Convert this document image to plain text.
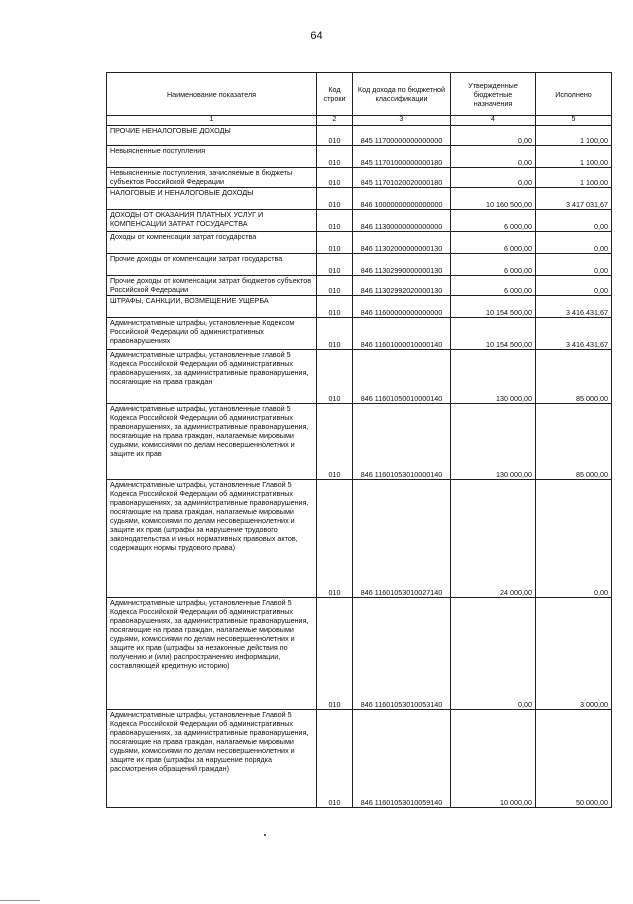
64
Наименование показателя	Код строки	Код дохода по бюджетной классификации	Утвержденные бюджетные назначения	Исполнено
1	2	3	4	5
ПРОЧИЕ НЕНАЛОГОВЫЕ ДОХОДЫ	010	845 11700000000000000	0,00	1 100,00
Невыясненные поступления	010	845 11701000000000180	0,00	1 100,00
Невыясненные поступления, зачисляемые в бюджеты субъектов Российской Федерации	010	845 11701020020000180	0,00	1 100,00
НАЛОГОВЫЕ И НЕНАЛОГОВЫЕ ДОХОДЫ	010	846 10000000000000000	10 160 500,00	3 417 031,67
ДОХОДЫ ОТ ОКАЗАНИЯ ПЛАТНЫХ УСЛУГ И КОМПЕНСАЦИИ ЗАТРАТ ГОСУДАРСТВА	010	846 11300000000000000	6 000,00	0,00
Доходы от компенсации затрат государства	010	846 11302000000000130	6 000,00	0,00
Прочие доходы от компенсации затрат государства	010	846 11302990000000130	6 000,00	0,00
Прочие доходы от компенсации затрат бюджетов субъектов Российской Федерации	010	846 11302992020000130	6 000,00	0,00
ШТРАФЫ, САНКЦИИ, ВОЗМЕЩЕНИЕ УЩЕРБА	010	846 11600000000000000	10 154 500,00	3 416 431,67
Административные штрафы, установленные Кодексом Российской Федерации об административных правонарушениях	010	846 11601000010000140	10 154 500,00	3 416 431,67
Административные штрафы, установленные главой 5 Кодекса Российской Федерации об административных правонарушениях, за административные правонарушения, посягающие на права граждан	010	846 11601050010000140	130 000,00	85 000,00
Административные штрафы, установленные главой 5 Кодекса Российской Федерации об административных правонарушениях, за административные правонарушения, посягающие на права граждан, налагаемые мировыми судьями, комиссиями по делам несовершеннолетних и защите их прав	010	846 11601053010000140	130 000,00	85 000,00
Административные штрафы, установленные Главой 5 Кодекса Российской Федерации об административных правонарушениях, за административные правонарушения, посягающие на права граждан, налагаемые мировыми судьями, комиссиями по делам несовершеннолетних и защите их прав (штрафы за нарушение трудового законодательства и иных нормативных правовых актов, содержащих нормы трудового права)	010	846 11601053010027140	24 000,00	0,00
Административные штрафы, установленные Главой 5 Кодекса Российской Федерации об административных правонарушениях, за административные правонарушения, посягающие на права граждан, налагаемые мировыми судьями, комиссиями по делам несовершеннолетних и защите их прав (штрафы за незаконные действия по получению и (или) распространению информации, составляющей кредитную историю)	010	846 11601053010053140	0,00	3 000,00
Административные штрафы, установленные Главой 5 Кодекса Российской Федерации об административных правонарушениях, за административные правонарушения, посягающие на права граждан, налагаемые мировыми судьями, комиссиями по делам несовершеннолетних и защите их прав (штрафы за нарушение порядка рассмотрения обращений граждан)	010	846 11601053010059140	10 000,00	50 000,00
